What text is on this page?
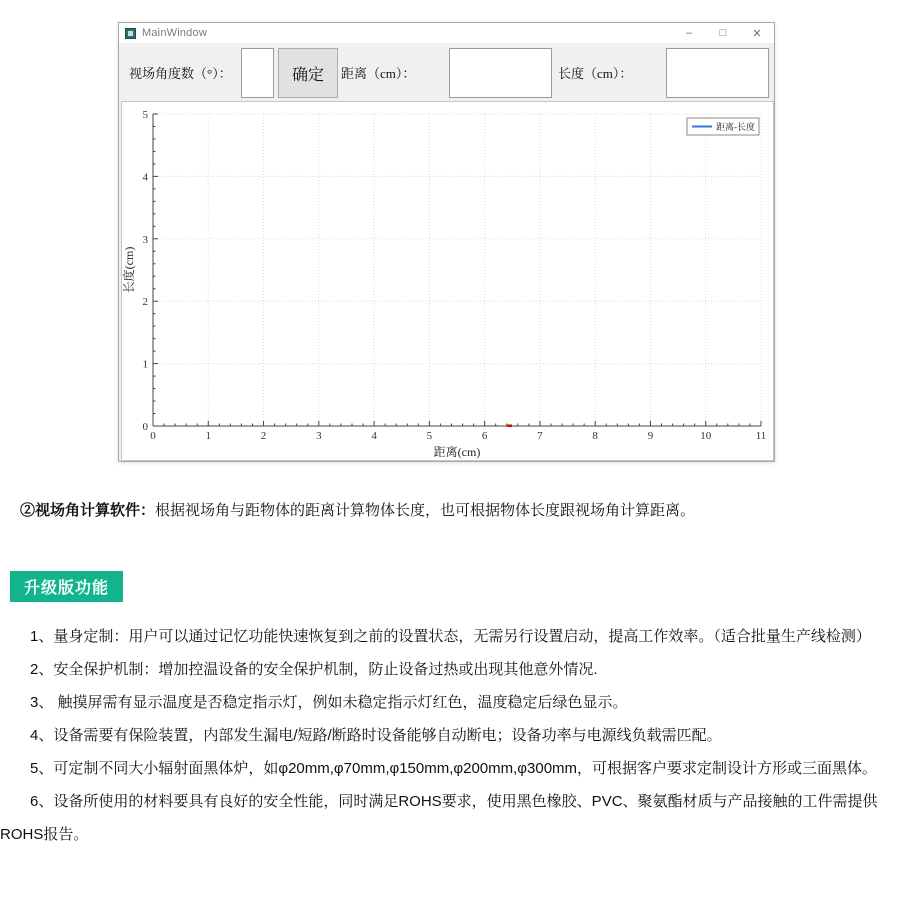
MainWindow	–	□	✕
视场角度数（°）：	确定	距离（cm）：	长度（cm）：
0	1	2	3	4	5	6	7	8	9	10	11
0
1
2
3
4
5
距离(cm)
长度(cm)
距离-长度
②视场角计算软件：根据视场角与距物体的距离计算物体长度，也可根据物体长度跟视场角计算距离。
升级版功能

1、量身定制：用户可以通过记忆功能快速恢复到之前的设置状态，无需另行设置启动，提高工作效率。（适合批量生产线检测）

2、安全保护机制：增加控温设备的安全保护机制，防止设备过热或出现其他意外情况.

3、 触摸屏需有显示温度是否稳定指示灯，例如未稳定指示灯红色，温度稳定后绿色显示。

4、设备需要有保险装置，内部发生漏电/短路/断路时设备能够自动断电；设备功率与电源线负载需匹配。

5、可定制不同大小辐射面黑体炉，如φ20mm,φ70mm,φ150mm,φ200mm,φ300mm，可根据客户要求定制设计方形或三面黑体。

6、设备所使用的材料要具有良好的安全性能，同时满足ROHS要求，使用黑色橡胶、PVC、聚氨酯材质与产品接触的工件需提供ROHS报告。
